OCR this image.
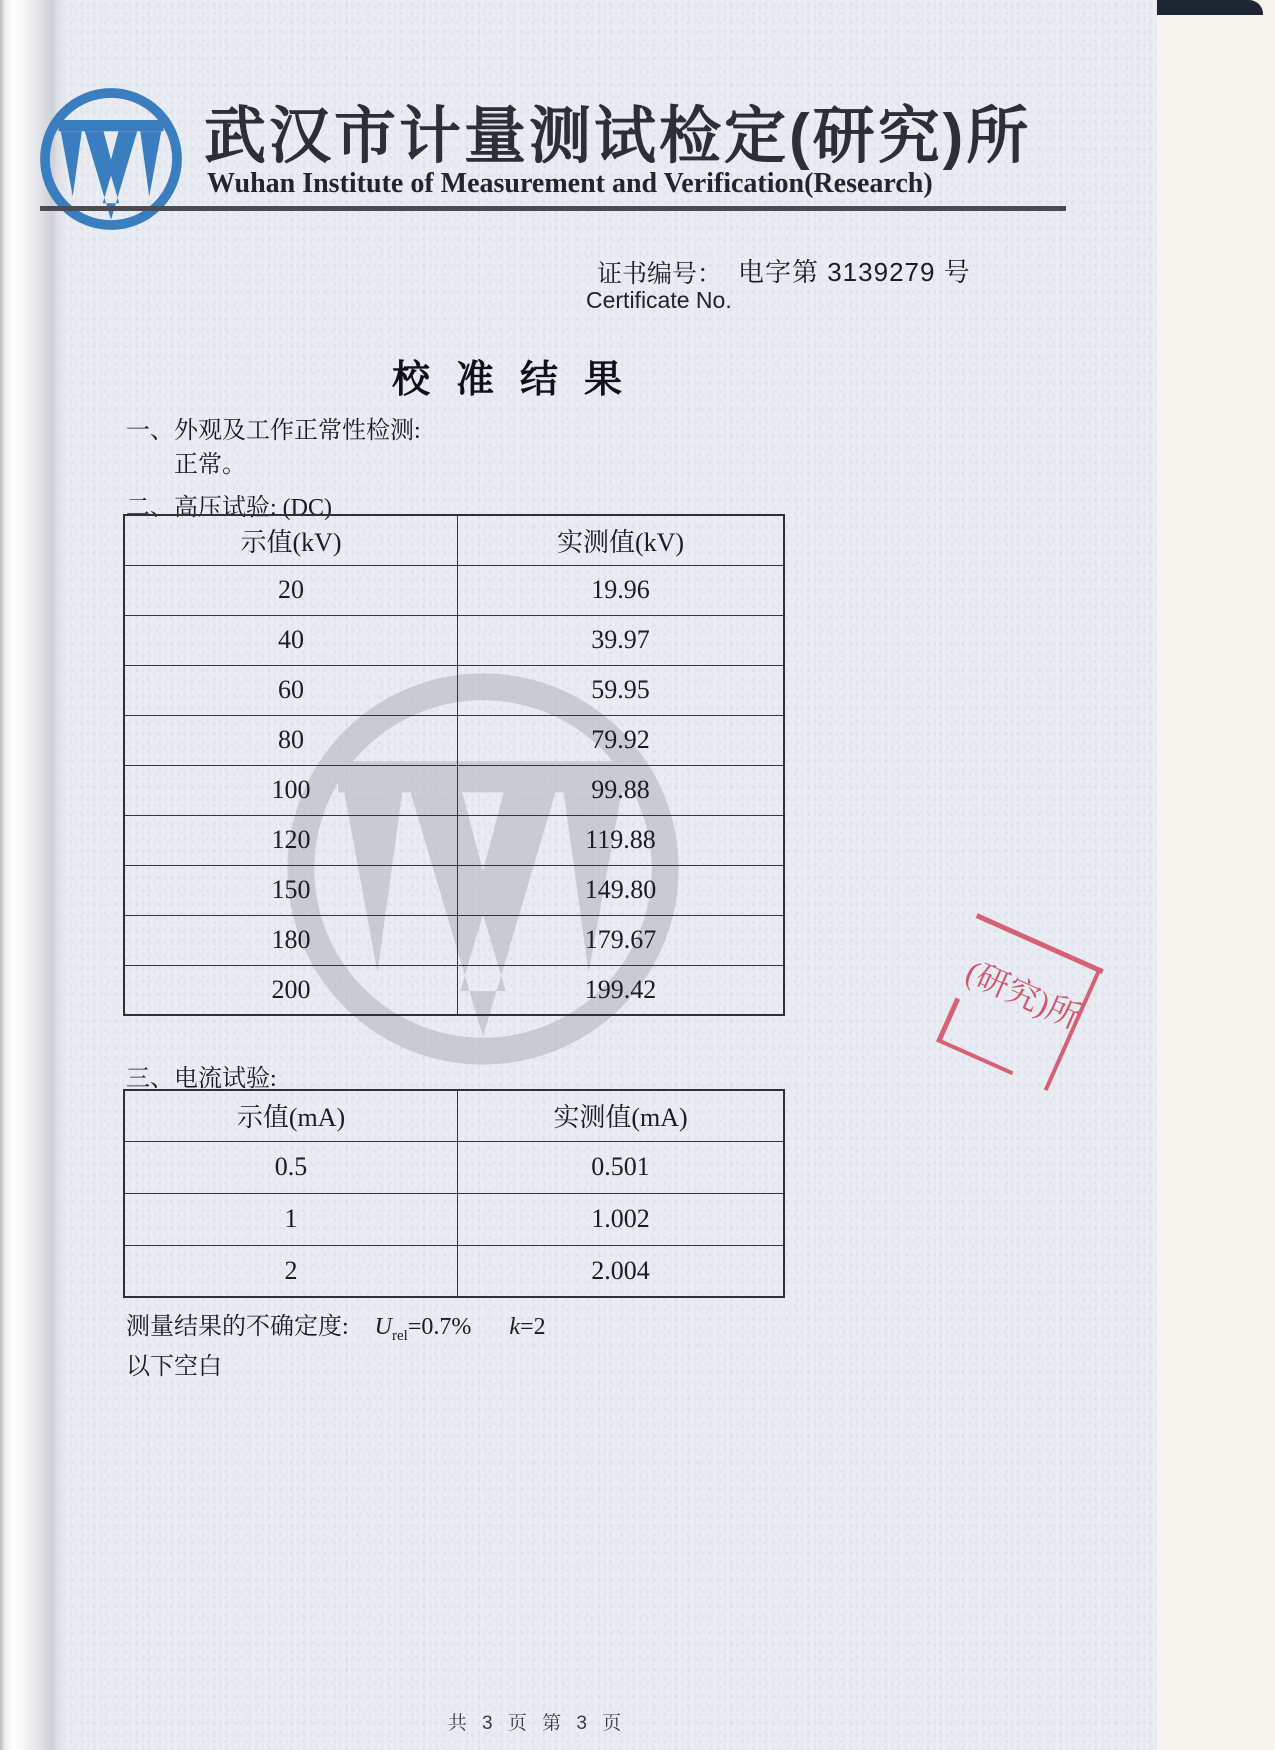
武汉市计量测试检定(研究)所
Wuhan Institute of Measurement and Verification(Research)
证书编号： 电字第 3139279 号
Certificate No.
校准结果
一、外观及工作正常性检测:
正常。
二、高压试验: (DC)
示值(kV)	实测值(kV)
20	19.96
40	39.97
60	59.95
80	79.92
100	99.88
120	119.88
150	149.80
180	179.67
200	199.42
三、电流试验:
示值(mA)	实测值(mA)
0.5	0.501
1	1.002
2	2.004
测量结果的不确定度: $U_{rel}=0.7\%$ k=2
以下空白
(研究)所
共 3 页 第 3 页
